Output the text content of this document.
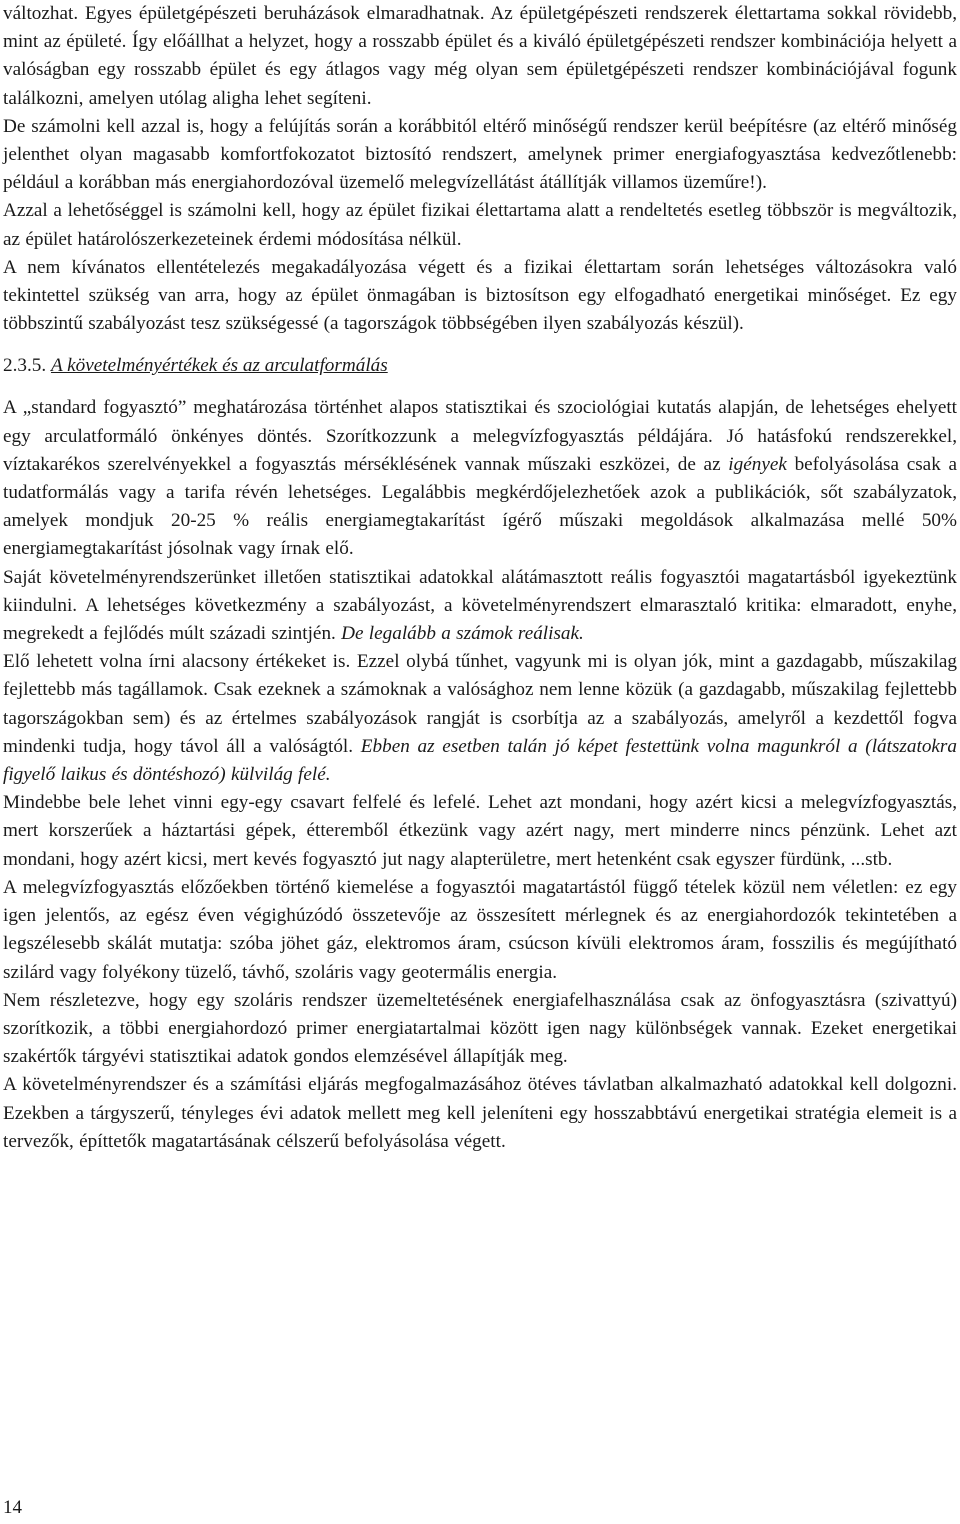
változhat. Egyes épületgépészeti beruházások elmaradhatnak. Az épületgépészeti rendszerek élettartama sokkal rövidebb, mint az épületé. Így előállhat a helyzet, hogy a rosszabb épület és a kiváló épületgépészeti rendszer kombinációja helyett a valóságban egy rosszabb épület és egy átlagos vagy még olyan sem épületgépészeti rendszer kombinációjával fogunk találkozni, amelyen utólag aligha lehet segíteni.

De számolni kell azzal is, hogy a felújítás során a korábbitól eltérő minőségű rendszer kerül beépítésre (az eltérő minőség jelenthet olyan magasabb komfortfokozatot biztosító rendszert, amelynek primer energiafogyasztása kedvezőtlenebb: például a korábban más energiahordozóval üzemelő melegvízellátást átállítják villamos üzeműre!).

Azzal a lehetőséggel is számolni kell, hogy az épület fizikai élettartama alatt a rendeltetés esetleg többször is megváltozik, az épület határolószerkezeteinek érdemi módosítása nélkül.

A nem kívánatos ellentételezés megakadályozása végett és a fizikai élettartam során lehetséges változásokra való tekintettel szükség van arra, hogy az épület önmagában is biztosítson egy elfogadható energetikai minőséget. Ez egy többszintű szabályozást tesz szükségessé (a tagországok többségében ilyen szabályozás készül).

2.3.5. A követelményértékek és az arculatformálás

A „standard fogyasztó” meghatározása történhet alapos statisztikai és szociológiai kutatás alapján, de lehetséges ehelyett egy arculatformáló önkényes döntés. Szorítkozzunk a melegvízfogyasztás példájára. Jó hatásfokú rendszerekkel, víztakarékos szerelvényekkel a fogyasztás mérséklésének vannak műszaki eszközei, de az igények befolyásolása csak a tudatformálás vagy a tarifa révén lehetséges. Legalábbis megkérdőjelezhetőek azok a publikációk, sőt szabályzatok, amelyek mondjuk 20-25 % reális energiamegtakarítást ígérő műszaki megoldások alkalmazása mellé 50% energiamegtakarítást jósolnak vagy írnak elő.

Saját követelményrendszerünket illetően statisztikai adatokkal alátámasztott reális fogyasztói magatartásból igyekeztünk kiindulni. A lehetséges következmény a szabályozást, a követelményrendszert elmarasztaló kritika: elmaradott, enyhe, megrekedt a fejlődés múlt századi szintjén. De legalább a számok reálisak.

Elő lehetett volna írni alacsony értékeket is. Ezzel olybá tűnhet, vagyunk mi is olyan jók, mint a gazdagabb, műszakilag fejlettebb más tagállamok. Csak ezeknek a számoknak a valósághoz nem lenne közük (a gazdagabb, műszakilag fejlettebb tagországokban sem) és az értelmes szabályozások rangját is csorbítja az a szabályozás, amelyről a kezdettől fogva mindenki tudja, hogy távol áll a valóságtól. Ebben az esetben talán jó képet festettünk volna magunkról a (látszatokra figyelő laikus és döntéshozó) külvilág felé.

Mindebbe bele lehet vinni egy-egy csavart felfelé és lefelé. Lehet azt mondani, hogy azért kicsi a melegvízfogyasztás, mert korszerűek a háztartási gépek, étteremből étkezünk vagy azért nagy, mert minderre nincs pénzünk. Lehet azt mondani, hogy azért kicsi, mert kevés fogyasztó jut nagy alapterületre, mert hetenként csak egyszer fürdünk, ...stb.

A melegvízfogyasztás előzőekben történő kiemelése a fogyasztói magatartástól függő tételek közül nem véletlen: ez egy igen jelentős, az egész éven végighúzódó összetevője az összesített mérlegnek és az energiahordozók tekintetében a legszélesebb skálát mutatja: szóba jöhet gáz, elektromos áram, csúcson kívüli elektromos áram, fosszilis és megújítható szilárd vagy folyékony tüzelő, távhő, szoláris vagy geotermális energia.

Nem részletezve, hogy egy szoláris rendszer üzemeltetésének energiafelhasználása csak az önfogyasztásra (szivattyú) szorítkozik, a többi energiahordozó primer energiatartalmai között igen nagy különbségek vannak. Ezeket energetikai szakértők tárgyévi statisztikai adatok gondos elemzésével állapítják meg.

A követelményrendszer és a számítási eljárás megfogalmazásához ötéves távlatban alkalmazható adatokkal kell dolgozni. Ezekben a tárgyszerű, tényleges évi adatok mellett meg kell jeleníteni egy hosszabbtávú energetikai stratégia elemeit is a tervezők, építtetők magatartásának célszerű befolyásolása végett.

14
